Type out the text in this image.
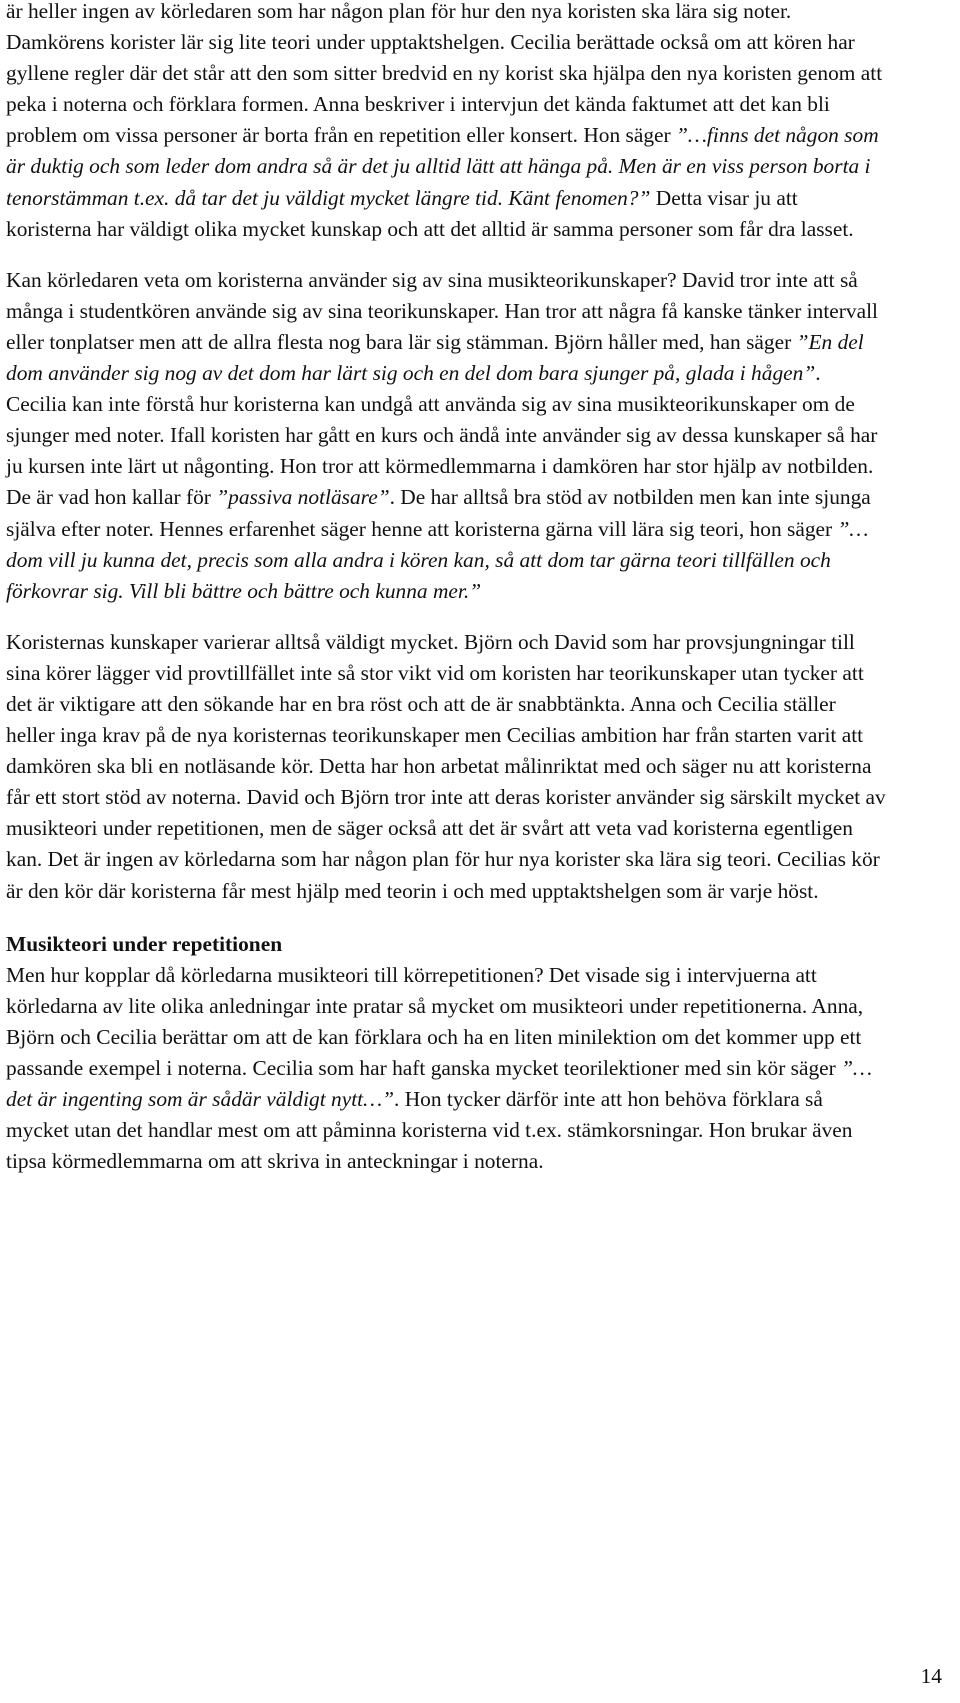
är heller ingen av körledaren som har någon plan för hur den nya koristen ska lära sig noter. Damkörens korister lär sig lite teori under upptaktshelgen. Cecilia berättade också om att kören har gyllene regler där det står att den som sitter bredvid en ny korist ska hjälpa den nya koristen genom att peka i noterna och förklara formen. Anna beskriver i intervjun det kända faktumet att det kan bli problem om vissa personer är borta från en repetition eller konsert. Hon säger ”…finns det någon som är duktig och som leder dom andra så är det ju alltid lätt att hänga på. Men är en viss person borta i tenorstämman t.ex. då tar det ju väldigt mycket längre tid. Känt fenomen?” Detta visar ju att koristerna har väldigt olika mycket kunskap och att det alltid är samma personer som får dra lasset.

Kan körledaren veta om koristerna använder sig av sina musikteorikunskaper? David tror inte att så många i studentkören använde sig av sina teorikunskaper. Han tror att några få kanske tänker intervall eller tonplatser men att de allra flesta nog bara lär sig stämman. Björn håller med, han säger ”En del dom använder sig nog av det dom har lärt sig och en del dom bara sjunger på, glada i hågen”. Cecilia kan inte förstå hur koristerna kan undgå att använda sig av sina musikteorikunskaper om de sjunger med noter. Ifall koristen har gått en kurs och ändå inte använder sig av dessa kunskaper så har ju kursen inte lärt ut någonting. Hon tror att körmedlemmarna i damkören har stor hjälp av notbilden. De är vad hon kallar för ”passiva notläsare”. De har alltså bra stöd av notbilden men kan inte sjunga själva efter noter. Hennes erfarenhet säger henne att koristerna gärna vill lära sig teori, hon säger ”…dom vill ju kunna det, precis som alla andra i kören kan, så att dom tar gärna teori tillfällen och förkovrar sig. Vill bli bättre och bättre och kunna mer.”

Koristernas kunskaper varierar alltså väldigt mycket. Björn och David som har provsjungningar till sina körer lägger vid provtillfället inte så stor vikt vid om koristen har teorikunskaper utan tycker att det är viktigare att den sökande har en bra röst och att de är snabbtänkta. Anna och Cecilia ställer heller inga krav på de nya koristernas teorikunskaper men Cecilias ambition har från starten varit att damkören ska bli en notläsande kör. Detta har hon arbetat målinriktat med och säger nu att koristerna får ett stort stöd av noterna. David och Björn tror inte att deras korister använder sig särskilt mycket av musikteori under repetitionen, men de säger också att det är svårt att veta vad koristerna egentligen kan. Det är ingen av körledarna som har någon plan för hur nya korister ska lära sig teori. Cecilias kör är den kör där koristerna får mest hjälp med teorin i och med upptaktshelgen som är varje höst.

Musikteori under repetitionen

Men hur kopplar då körledarna musikteori till körrepetitionen? Det visade sig i intervjuerna att körledarna av lite olika anledningar inte pratar så mycket om musikteori under repetitionerna. Anna, Björn och Cecilia berättar om att de kan förklara och ha en liten minilektion om det kommer upp ett passande exempel i noterna. Cecilia som har haft ganska mycket teorilektioner med sin kör säger ”…det är ingenting som är sådär väldigt nytt…”. Hon tycker därför inte att hon behöva förklara så mycket utan det handlar mest om att påminna koristerna vid t.ex. stämkorsningar. Hon brukar även tipsa körmedlemmarna om att skriva in anteckningar i noterna.

14
